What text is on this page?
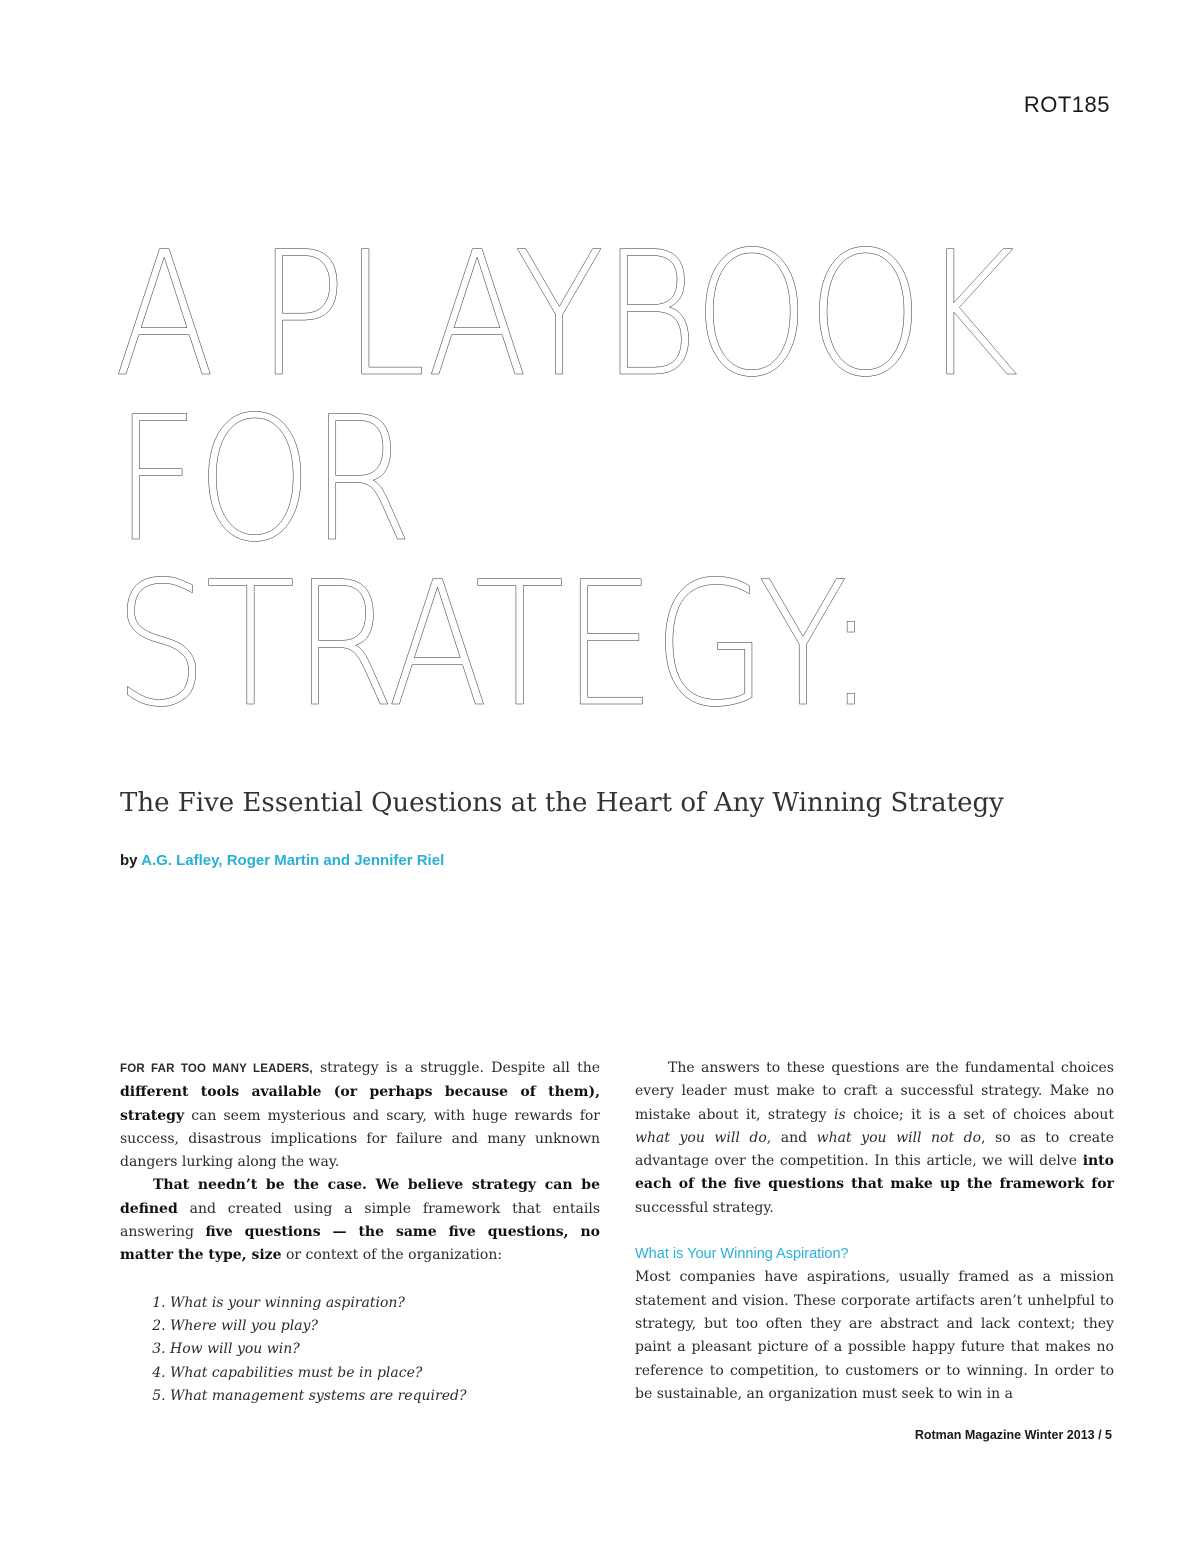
ROT185
A PLAYBOOK
FOR
STRATEGY:
The Five Essential Questions at the Heart of Any Winning Strategy
by A.G. Lafley, Roger Martin and Jennifer Riel

FOR FAR TOO MANY LEADERS, strategy is a struggle. Despite all the different tools available (or perhaps because of them), strategy can seem mysterious and scary, with huge rewards for success, disastrous implications for failure and many unknown dangers lurking along the way.

That needn’t be the case. We believe strategy can be defined and created using a simple framework that entails answering five questions — the same five questions, no matter the type, size or context of the organization:

1. What is your winning aspiration?
2. Where will you play?
3. How will you win?
4. What capabilities must be in place?
5. What management systems are required?

The answers to these questions are the fundamental choices every leader must make to craft a successful strategy. Make no mistake about it, strategy is choice; it is a set of choices about what you will do, and what you will not do, so as to create advantage over the competition. In this article, we will delve into each of the five questions that make up the framework for successful strategy.

What is Your Winning Aspiration?

Most companies have aspirations, usually framed as a mission statement and vision. These corporate artifacts aren’t unhelpful to strategy, but too often they are abstract and lack context; they paint a pleasant picture of a possible happy future that makes no reference to competition, to customers or to winning. In order to be sustainable, an organization must seek to win in a

Rotman Magazine Winter 2013 / 5
